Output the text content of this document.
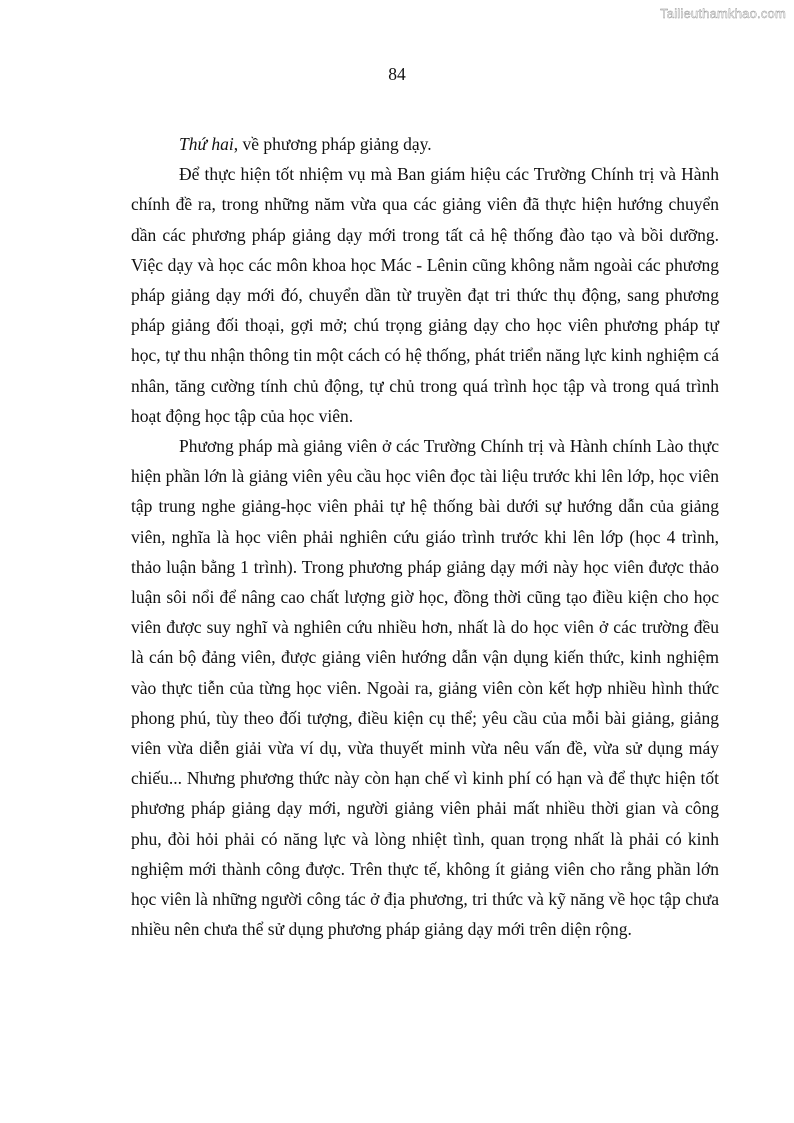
Tailieuthamkhao.com
84

Thứ hai, về phương pháp giảng dạy.

Để thực hiện tốt nhiệm vụ mà Ban giám hiệu các Trường Chính trị và Hành chính đề ra, trong những năm vừa qua các giảng viên đã thực hiện hướng chuyển dần các phương pháp giảng dạy mới trong tất cả hệ thống đào tạo và bồi dưỡng. Việc dạy và học các môn khoa học Mác - Lênin cũng không nằm ngoài các phương pháp giảng dạy mới đó, chuyển dần từ truyền đạt tri thức thụ động, sang phương pháp giảng đối thoại, gợi mở; chú trọng giảng dạy cho học viên phương pháp tự học, tự thu nhận thông tin một cách có hệ thống, phát triển năng lực kinh nghiệm cá nhân, tăng cường tính chủ động, tự chủ trong quá trình học tập và trong quá trình hoạt động học tập của học viên.

Phương pháp mà giảng viên ở các Trường Chính trị và Hành chính Lào thực hiện phần lớn là giảng viên yêu cầu học viên đọc tài liệu trước khi lên lớp, học viên tập trung nghe giảng-học viên phải tự hệ thống bài dưới sự hướng dẫn của giảng viên, nghĩa là học viên phải nghiên cứu giáo trình trước khi lên lớp (học 4 trình, thảo luận bằng 1 trình). Trong phương pháp giảng dạy mới này học viên được thảo luận sôi nổi để nâng cao chất lượng giờ học, đồng thời cũng tạo điều kiện cho học viên được suy nghĩ và nghiên cứu nhiều hơn, nhất là do học viên ở các trường đều là cán bộ đảng viên, được giảng viên hướng dẫn vận dụng kiến thức, kinh nghiệm vào thực tiễn của từng học viên. Ngoài ra, giảng viên còn kết hợp nhiều hình thức phong phú, tùy theo đối tượng, điều kiện cụ thể; yêu cầu của mỗi bài giảng, giảng viên vừa diễn giải vừa ví dụ, vừa thuyết minh vừa nêu vấn đề, vừa sử dụng máy chiếu... Nhưng phương thức này còn hạn chế vì kinh phí có hạn và để thực hiện tốt phương pháp giảng dạy mới, người giảng viên phải mất nhiều thời gian và công phu, đòi hỏi phải có năng lực và lòng nhiệt tình, quan trọng nhất là phải có kinh nghiệm mới thành công được. Trên thực tế, không ít giảng viên cho rằng phần lớn học viên là những người công tác ở địa phương, tri thức và kỹ năng về học tập chưa nhiều nên chưa thể sử dụng phương pháp giảng dạy mới trên diện rộng.
